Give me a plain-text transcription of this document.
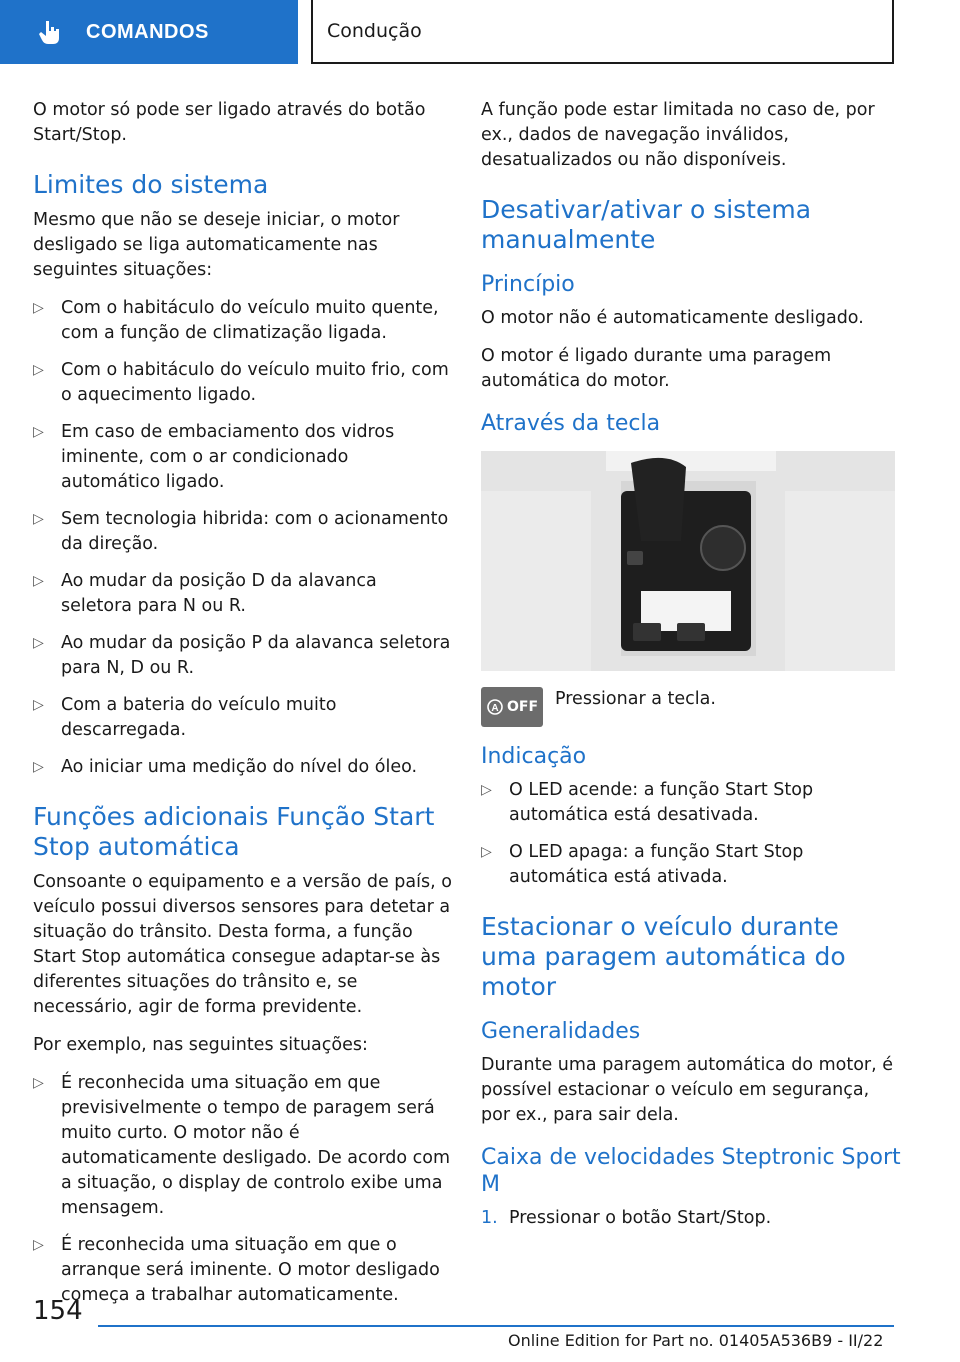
COMANDOS	Condução

O motor só pode ser ligado através do botão Start/Stop.

Limites do sistema

Mesmo que não se deseje iniciar, o motor desligado se liga automaticamente nas seguintes situações:

▷ Com o habitáculo do veículo muito quente, com a função de climatização ligada.
▷ Com o habitáculo do veículo muito frio, com o aquecimento ligado.
▷ Em caso de embaciamento dos vidros iminente, com o ar condicionado automático ligado.
▷ Sem tecnologia hibrida: com o acionamento da direção.
▷ Ao mudar da posição D da alavanca seletora para N ou R.
▷ Ao mudar da posição P da alavanca seletora para N, D ou R.
▷ Com a bateria do veículo muito descarregada.
▷ Ao iniciar uma medição do nível do óleo.
Funções adicionais Função Start Stop automática

Consoante o equipamento e a versão de país, o veículo possui diversos sensores para detetar a situação do trânsito. Desta forma, a função Start Stop automática consegue adaptar-se às diferentes situações do trânsito e, se necessário, agir de forma previdente.

Por exemplo, nas seguintes situações:

▷ É reconhecida uma situação em que previsivelmente o tempo de paragem será muito curto. O motor não é automaticamente desligado. De acordo com a situação, o display de controlo exibe uma mensagem.
▷ É reconhecida uma situação em que o arranque será iminente. O motor desligado começa a trabalhar automaticamente.

A função pode estar limitada no caso de, por ex., dados de navegação inválidos, desatualizados ou não disponíveis.

Desativar/ativar o sistema manualmente
Princípio

O motor não é automaticamente desligado.

O motor é ligado durante uma paragem automática do motor.

Através da tecla
A OFF Pressionar a tecla.
Indicação
▷ O LED acende: a função Start Stop automática está desativada.
▷ O LED apaga: a função Start Stop automática está ativada.
Estacionar o veículo durante uma paragem automática do motor
Generalidades

Durante uma paragem automática do motor, é possível estacionar o veículo em segurança, por ex., para sair dela.

Caixa de velocidades Steptronic Sport M
1. Pressionar o botão Start/Stop.
154
Online Edition for Part no. 01405A536B9 - II/22
